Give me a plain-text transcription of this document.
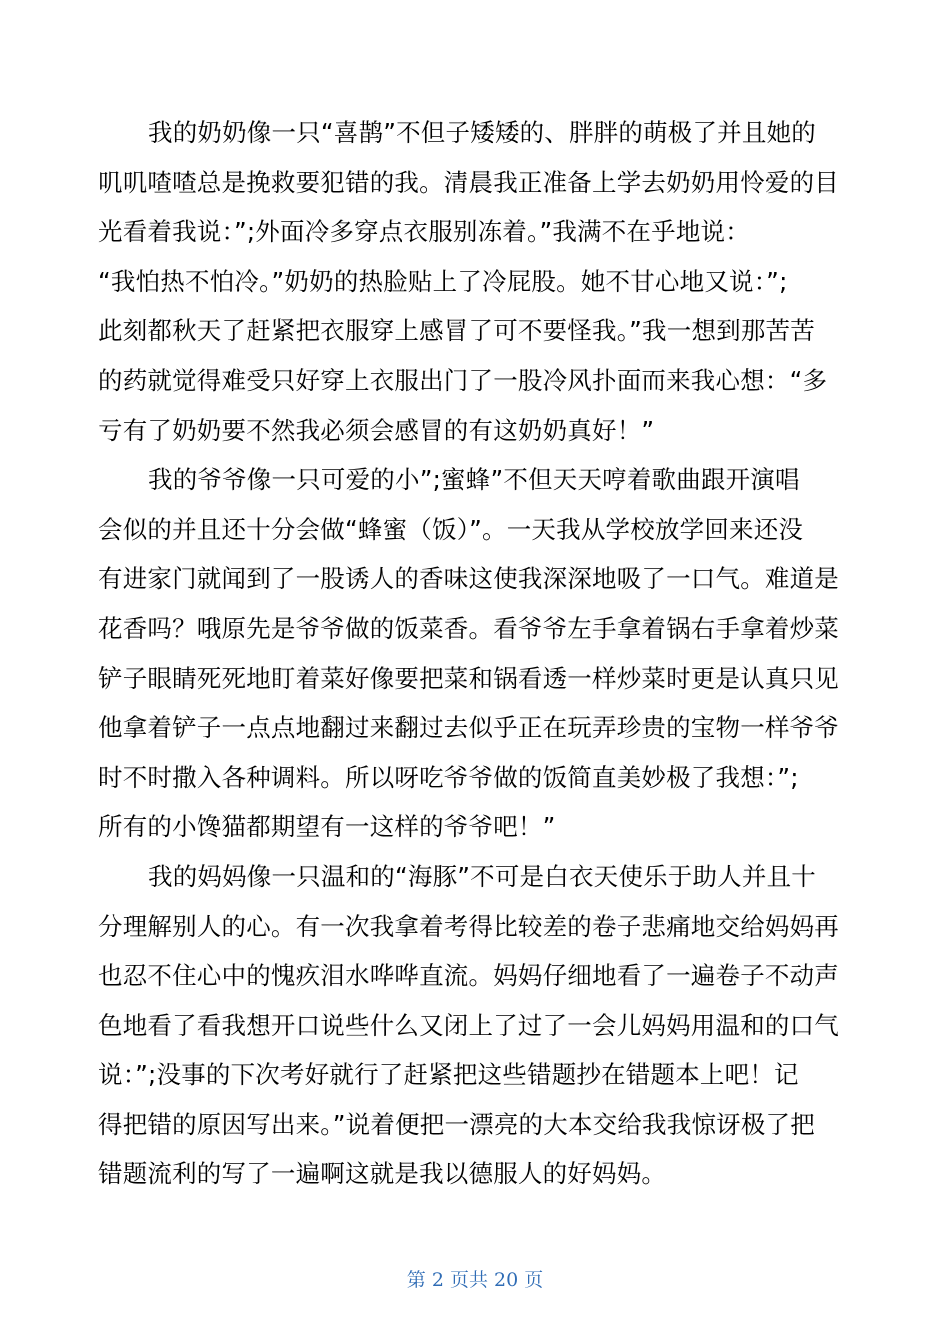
我的奶奶像一只“喜鹊”不但子矮矮的、胖胖的萌极了并且她的
叽叽喳喳总是挽救要犯错的我。清晨我正准备上学去奶奶用怜爱的目
光看着我说：”;外面冷多穿点衣服别冻着。”我满不在乎地说：
“我怕热不怕冷。”奶奶的热脸贴上了冷屁股。她不甘心地又说：”;
此刻都秋天了赶紧把衣服穿上感冒了可不要怪我。”我一想到那苦苦
的药就觉得难受只好穿上衣服出门了一股冷风扑面而来我心想：“多
亏有了奶奶要不然我必须会感冒的有这奶奶真好！”
我的爷爷像一只可爱的小”;蜜蜂”不但天天哼着歌曲跟开演唱
会似的并且还十分会做“蜂蜜（饭）”。一天我从学校放学回来还没
有进家门就闻到了一股诱人的香味这使我深深地吸了一口气。难道是
花香吗？哦原先是爷爷做的饭菜香。看爷爷左手拿着锅右手拿着炒菜
铲子眼睛死死地盯着菜好像要把菜和锅看透一样炒菜时更是认真只见
他拿着铲子一点点地翻过来翻过去似乎正在玩弄珍贵的宝物一样爷爷
时不时撒入各种调料。所以呀吃爷爷做的饭简直美妙极了我想：”;
所有的小馋猫都期望有一这样的爷爷吧！”
我的妈妈像一只温和的“海豚”不可是白衣天使乐于助人并且十
分理解别人的心。有一次我拿着考得比较差的卷子悲痛地交给妈妈再
也忍不住心中的愧疚泪水哗哗直流。妈妈仔细地看了一遍卷子不动声
色地看了看我想开口说些什么又闭上了过了一会儿妈妈用温和的口气
说：”;没事的下次考好就行了赶紧把这些错题抄在错题本上吧！记
得把错的原因写出来。”说着便把一漂亮的大本交给我我惊讶极了把
错题流利的写了一遍啊这就是我以德服人的好妈妈。
第 2 页共 20 页
